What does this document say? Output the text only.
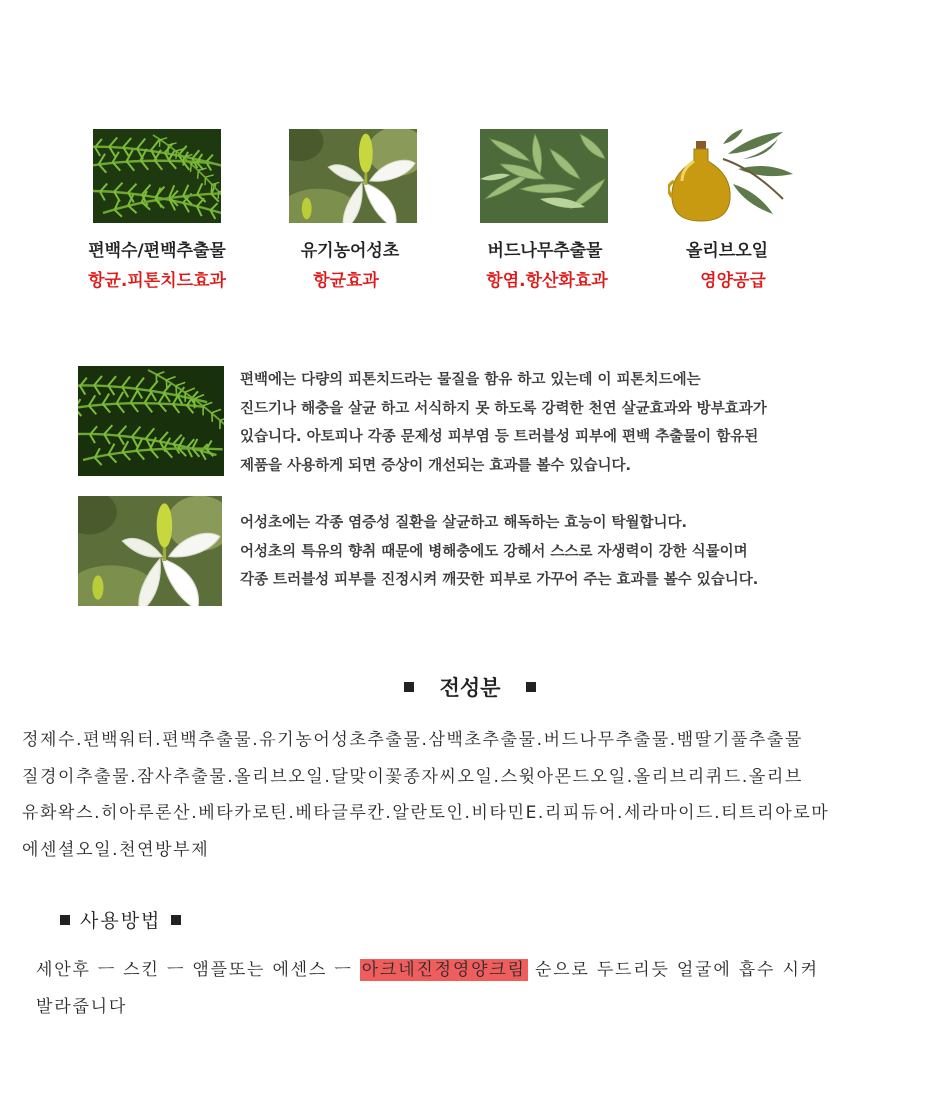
편백수/편백추출물	유기농어성초	버드나무추출물	올리브오일
항균.피톤치드효과	항균효과	항염.항산화효과	영양공급
편백에는 다량의 피톤치드라는 물질을 함유 하고 있는데 이 피톤치드에는
진드기나 해충을 살균 하고 서식하지 못 하도록 강력한 천연 살균효과와 방부효과가
있습니다. 아토피나 각종 문제성 피부염 등 트러블성 피부에 편백 추출물이 함유된
제품을 사용하게 되면 증상이 개선되는 효과를 볼수 있습니다.
어성초에는 각종 염증성 질환을 살균하고 해독하는 효능이 탁월합니다.
어성초의 특유의 향취 때문에 병해충에도 강해서 스스로 자생력이 강한 식물이며
각종 트러블성 피부를 진정시켜 깨끗한 피부로 가꾸어 주는 효과를 볼수 있습니다.
전성분
정제수.편백워터.편백추출물.유기농어성초추출물.삼백초추출물.버드나무추출물.뱀딸기풀추출물
질경이추출물.잠사추출물.올리브오일.달맞이꽃종자씨오일.스윗아몬드오일.올리브리퀴드.올리브
유화왁스.히아루론산.베타카로틴.베타글루칸.알란토인.비타민E.리피듀어.세라마이드.티트리아로마
에센셜오일.천연방부제
사용방법
세안후 ㅡ 스킨 ㅡ 앰플또는 에센스 ㅡ 아크네진정영양크림 순으로 두드리듯 얼굴에 흡수 시켜
발라줍니다
